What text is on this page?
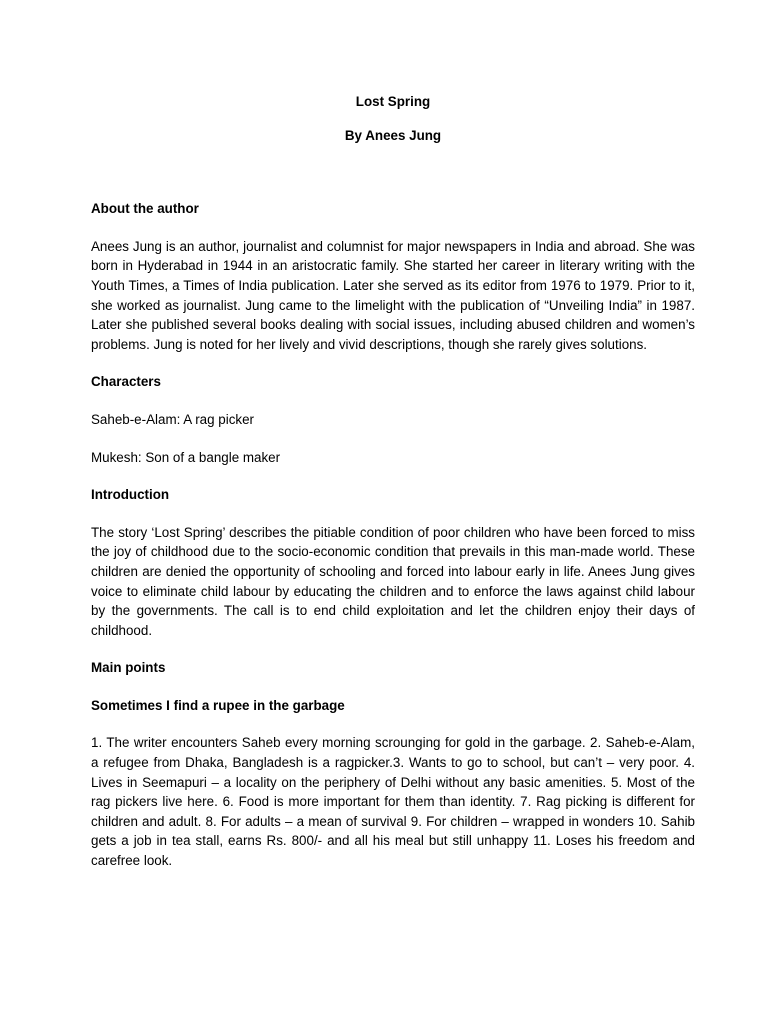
Lost Spring

By Anees Jung

About the author

Anees Jung is an author, journalist and columnist for major newspapers in India and abroad. She was born in Hyderabad in 1944 in an aristocratic family. She started her career in literary writing with the Youth Times, a Times of India publication. Later she served as its editor from 1976 to 1979. Prior to it, she worked as journalist. Jung came to the limelight with the publication of “Unveiling India” in 1987. Later she published several books dealing with social issues, including abused children and women’s problems. Jung is noted for her lively and vivid descriptions, though she rarely gives solutions.

Characters

Saheb-e-Alam: A rag picker

Mukesh: Son of a bangle maker

Introduction

The story ‘Lost Spring’ describes the pitiable condition of poor children who have been forced to miss the joy of childhood due to the socio-economic condition that prevails in this man-made world. These children are denied the opportunity of schooling and forced into labour early in life. Anees Jung gives voice to eliminate child labour by educating the children and to enforce the laws against child labour by the governments. The call is to end child exploitation and let the children enjoy their days of childhood.

Main points

Sometimes I find a rupee in the garbage

1. The writer encounters Saheb every morning scrounging for gold in the garbage. 2. Saheb-e-Alam, a refugee from Dhaka, Bangladesh is a ragpicker.3. Wants to go to school, but can’t – very poor. 4. Lives in Seemapuri – a locality on the periphery of Delhi without any basic amenities. 5. Most of the rag pickers live here. 6. Food is more important for them than identity. 7. Rag picking is different for children and adult. 8. For adults – a mean of survival 9. For children – wrapped in wonders 10. Sahib gets a job in tea stall, earns Rs. 800/- and all his meal but still unhappy 11. Loses his freedom and carefree look.
